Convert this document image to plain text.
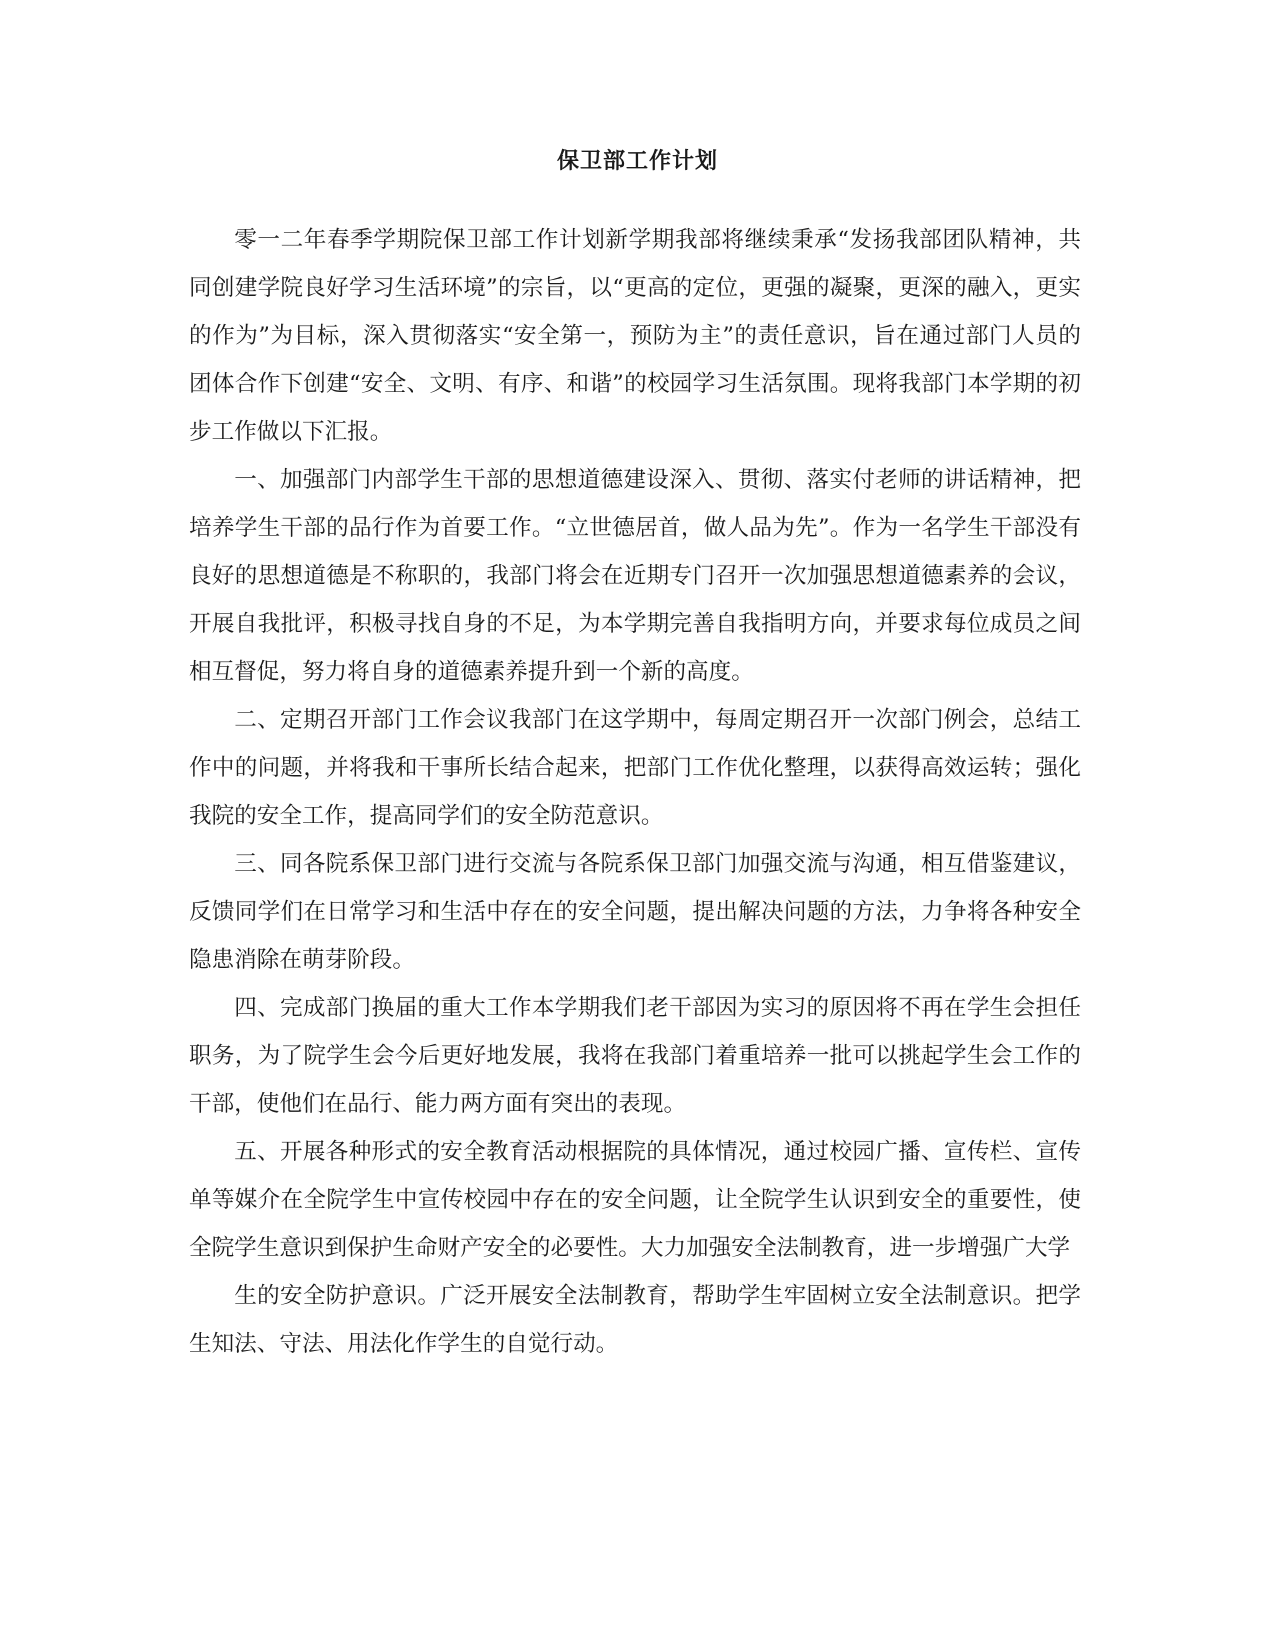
保卫部工作计划

零一二年春季学期院保卫部工作计划新学期我部将继续秉承“发扬我部团队精神，共同创建学院良好学习生活环境”的宗旨，以“更高的定位，更强的凝聚，更深的融入，更实的作为”为目标，深入贯彻落实“安全第一，预防为主”的责任意识，旨在通过部门人员的团体合作下创建“安全、文明、有序、和谐”的校园学习生活氛围。现将我部门本学期的初步工作做以下汇报。

一、加强部门内部学生干部的思想道德建设深入、贯彻、落实付老师的讲话精神，把培养学生干部的品行作为首要工作。“立世德居首，做人品为先”。作为一名学生干部没有良好的思想道德是不称职的，我部门将会在近期专门召开一次加强思想道德素养的会议，开展自我批评，积极寻找自身的不足，为本学期完善自我指明方向，并要求每位成员之间相互督促，努力将自身的道德素养提升到一个新的高度。

二、定期召开部门工作会议我部门在这学期中，每周定期召开一次部门例会，总结工作中的问题，并将我和干事所长结合起来，把部门工作优化整理，以获得高效运转；强化我院的安全工作，提高同学们的安全防范意识。

三、同各院系保卫部门进行交流与各院系保卫部门加强交流与沟通，相互借鉴建议，反馈同学们在日常学习和生活中存在的安全问题，提出解决问题的方法，力争将各种安全隐患消除在萌芽阶段。

四、完成部门换届的重大工作本学期我们老干部因为实习的原因将不再在学生会担任职务，为了院学生会今后更好地发展，我将在我部门着重培养一批可以挑起学生会工作的干部，使他们在品行、能力两方面有突出的表现。

五、开展各种形式的安全教育活动根据院的具体情况，通过校园广播、宣传栏、宣传单等媒介在全院学生中宣传校园中存在的安全问题，让全院学生认识到安全的重要性，使全院学生意识到保护生命财产安全的必要性。大力加强安全法制教育，进一步增强广大学

生的安全防护意识。广泛开展安全法制教育，帮助学生牢固树立安全法制意识。把学生知法、守法、用法化作学生的自觉行动。
